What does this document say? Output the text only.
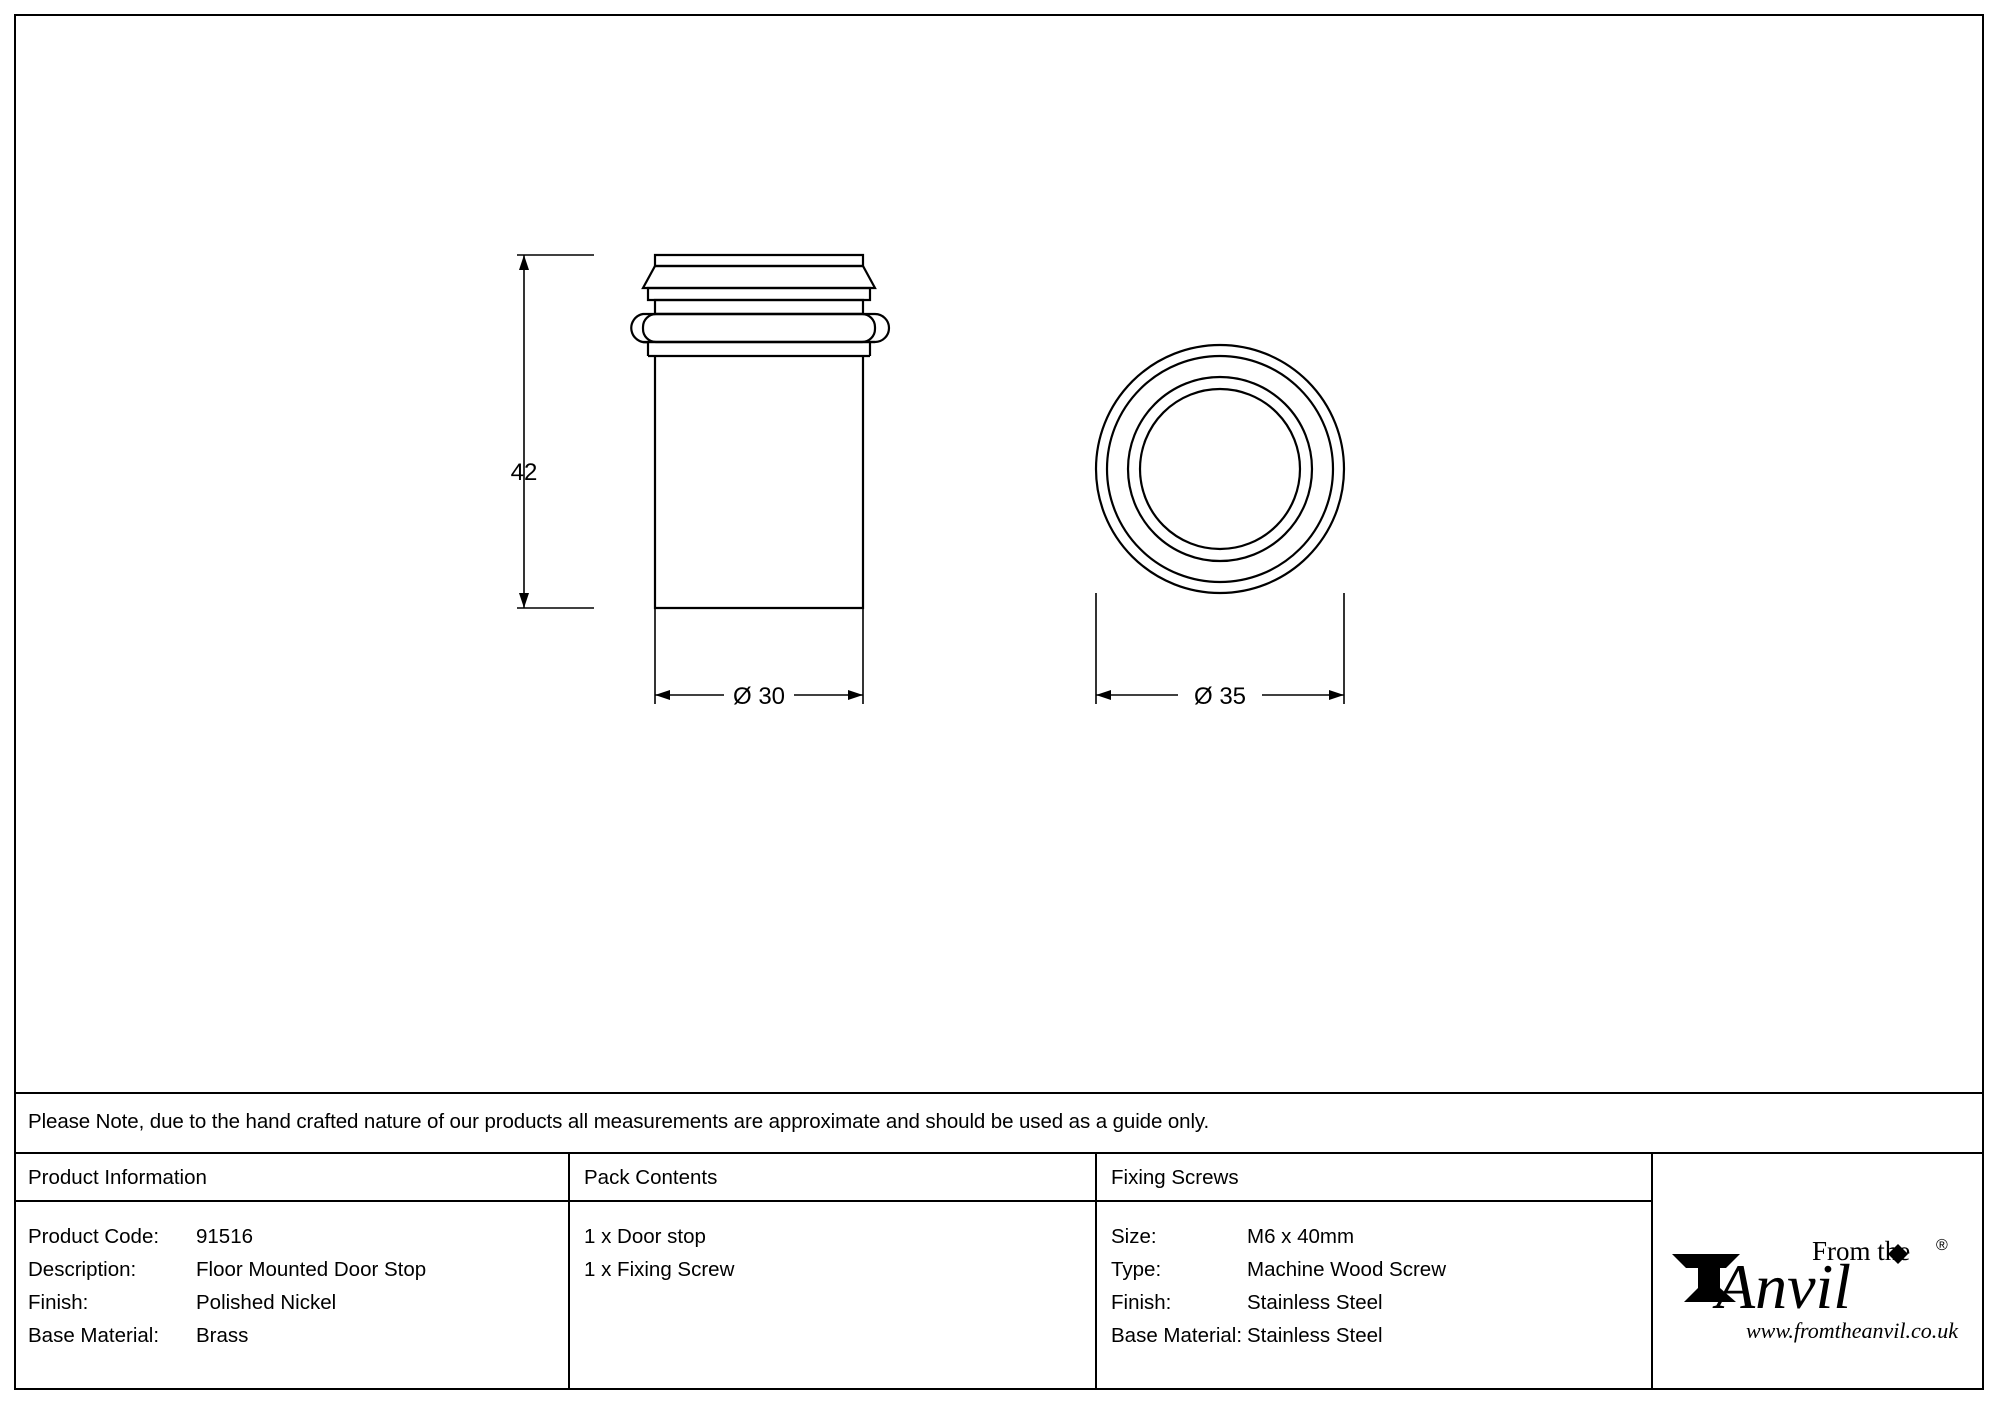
42
Ø 30	Ø 35
Please Note, due to the hand crafted nature of our products all measurements are approximate and should be used as a guide only.
Product Information
Product Code:	91516
Description:	Floor Mounted Door Stop
Finish:	Polished Nickel
Base Material:	Brass
Pack Contents
1 x Door stop
1 x Fixing Screw
Fixing Screws
Size:	M6 x 40mm
Type:	Machine Wood Screw
Finish:	Stainless Steel
Base Material: Stainless Steel
From the
Anvil
®
www.fromtheanvil.co.uk
